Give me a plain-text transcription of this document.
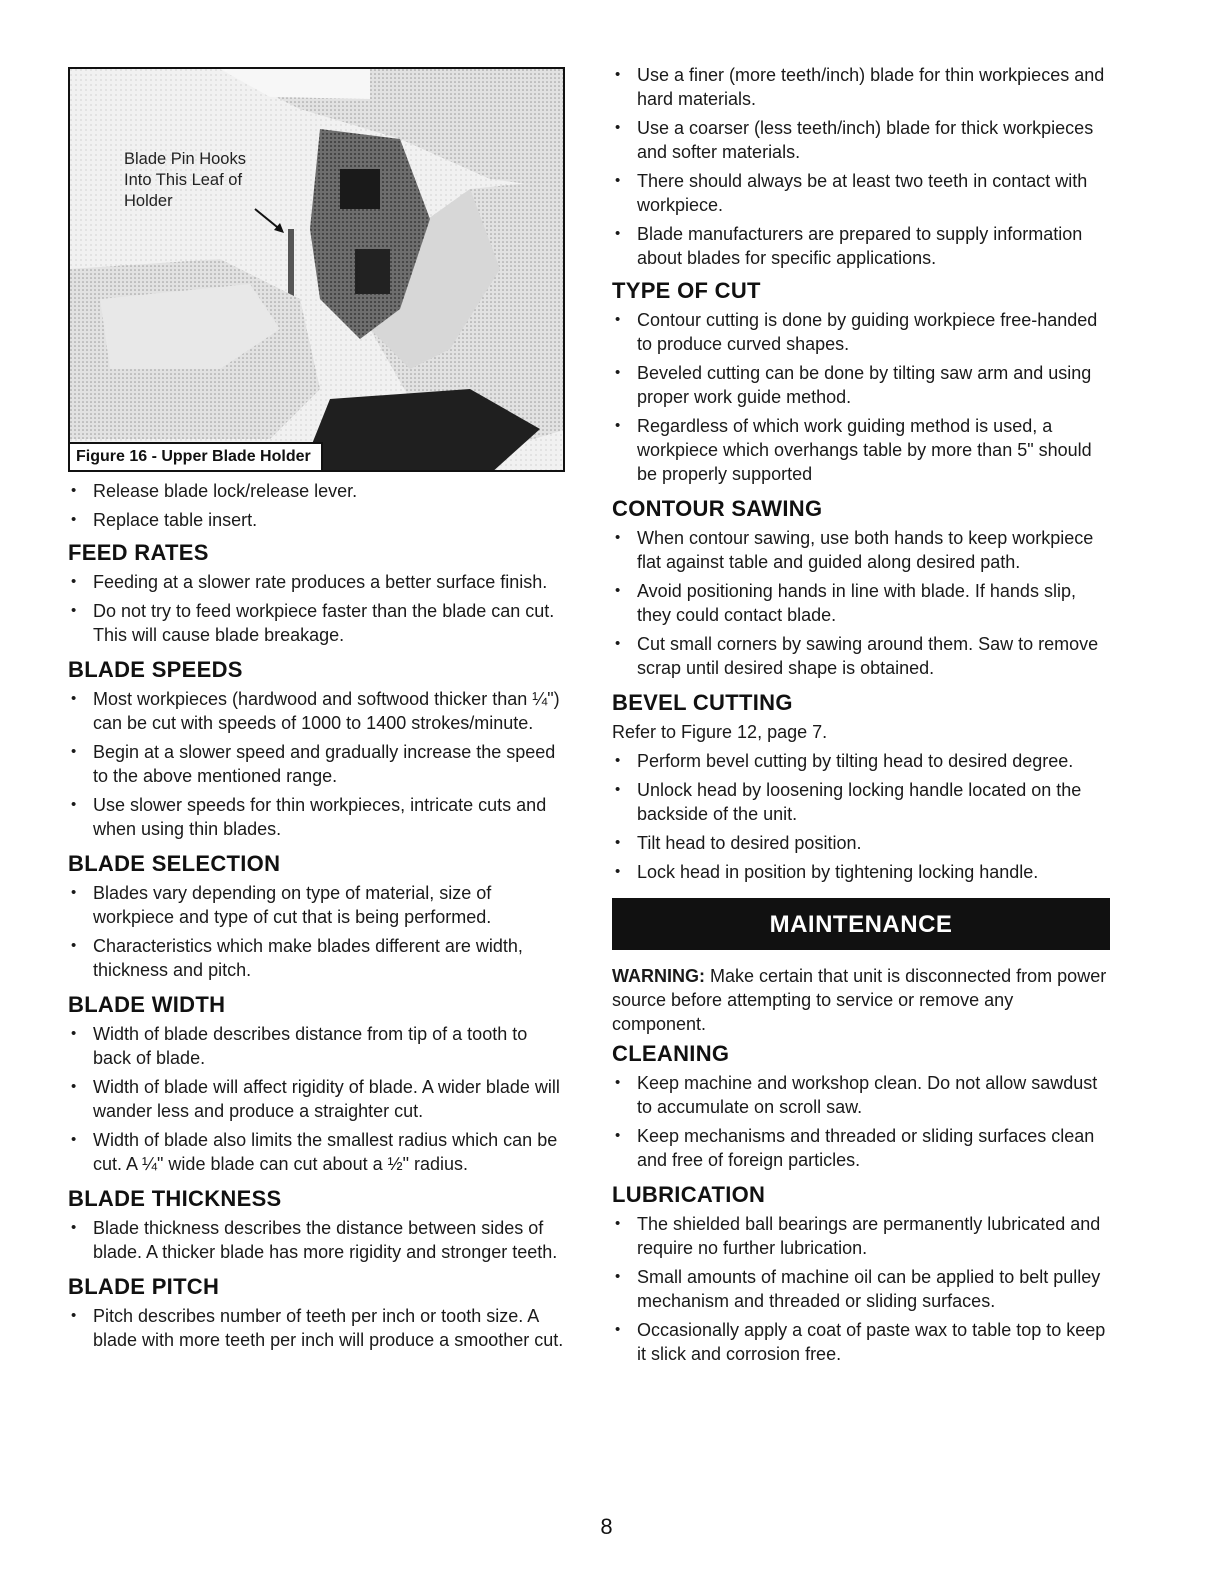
Blade Pin Hooks
Into This Leaf of
Holder
Figure 16 - Upper Blade Holder
• Release blade lock/release lever.
• Replace table insert.
FEED RATES
• Feeding at a slower rate produces a better surface finish.
• Do not try to feed workpiece faster than the blade can cut. This will cause blade breakage.
BLADE SPEEDS
• Most workpieces (hardwood and softwood thicker than ¼") can be cut with speeds of 1000 to 1400 strokes/minute.
• Begin at a slower speed and gradually increase the speed to the above mentioned range.
• Use slower speeds for thin workpieces, intricate cuts and when using thin blades.
BLADE SELECTION
• Blades vary depending on type of material, size of workpiece and type of cut that is being performed.
• Characteristics which make blades different are width, thickness and pitch.
BLADE WIDTH
• Width of blade describes distance from tip of a tooth to back of blade.
• Width of blade will affect rigidity of blade. A wider blade will wander less and produce a straighter cut.
• Width of blade also limits the smallest radius which can be cut. A ¼" wide blade can cut about a ½" radius.
BLADE THICKNESS
• Blade thickness describes the distance between sides of blade. A thicker blade has more rigidity and stronger teeth.
BLADE PITCH
• Pitch describes number of teeth per inch or tooth size. A blade with more teeth per inch will produce a smoother cut.
• Use a finer (more teeth/inch) blade for thin workpieces and hard materials.
• Use a coarser (less teeth/inch) blade for thick workpieces and softer materials.
• There should always be at least two teeth in contact with workpiece.
• Blade manufacturers are prepared to supply information about blades for specific applications.
TYPE OF CUT
• Contour cutting is done by guiding workpiece free-handed to produce curved shapes.
• Beveled cutting can be done by tilting saw arm and using proper work guide method.
• Regardless of which work guiding method is used, a workpiece which overhangs table by more than 5" should be properly supported
CONTOUR SAWING
• When contour sawing, use both hands to keep workpiece flat against table and guided along desired path.
• Avoid positioning hands in line with blade. If hands slip, they could contact blade.
• Cut small corners by sawing around them. Saw to remove scrap until desired shape is obtained.
BEVEL CUTTING

Refer to Figure 12, page 7.

• Perform bevel cutting by tilting head to desired degree.
• Unlock head by loosening locking handle located on the backside of the unit.
• Tilt head to desired position.
• Lock head in position by tightening locking handle.
MAINTENANCE

WARNING: Make certain that unit is disconnected from power source before attempting to service or remove any component.

CLEANING
• Keep machine and workshop clean. Do not allow sawdust to accumulate on scroll saw.
• Keep mechanisms and threaded or sliding surfaces clean and free of foreign particles.
LUBRICATION
• The shielded ball bearings are permanently lubricated and require no further lubrication.
• Small amounts of machine oil can be applied to belt pulley mechanism and threaded or sliding surfaces.
• Occasionally apply a coat of paste wax to table top to keep it slick and corrosion free.
8
